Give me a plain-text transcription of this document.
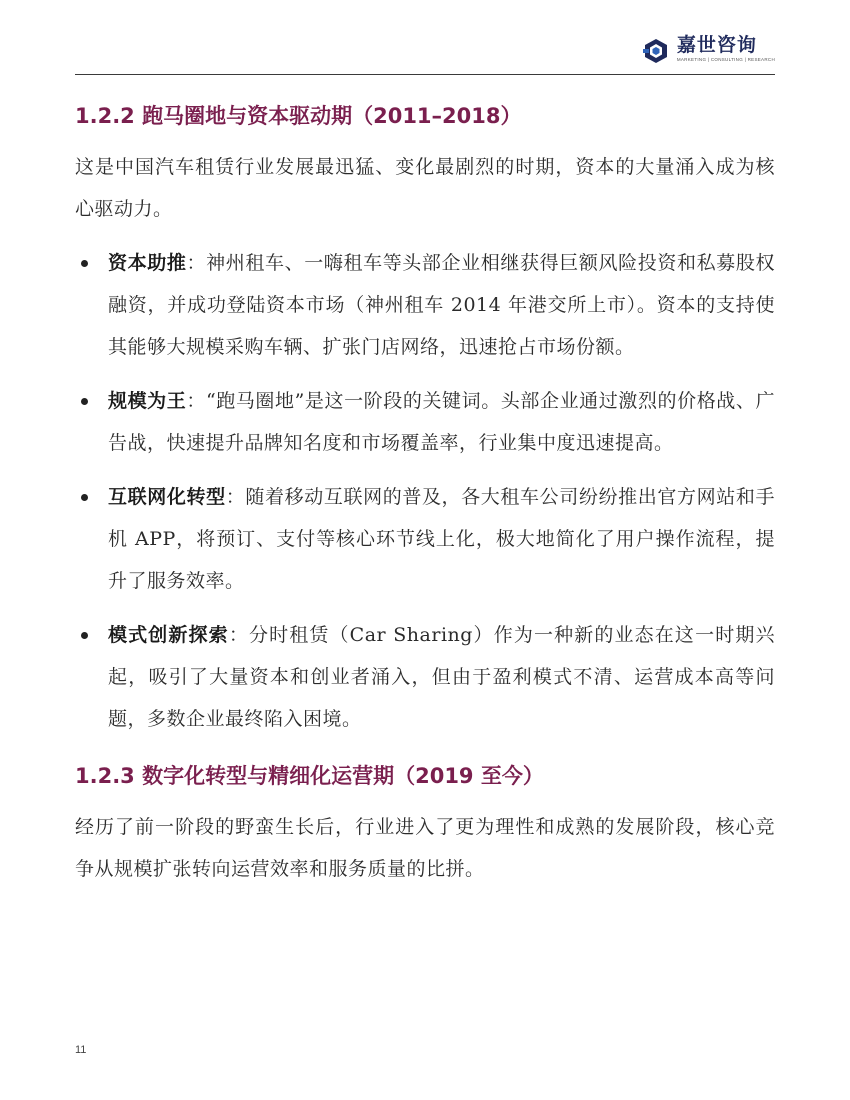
嘉世咨询
MARKETING | CONSULTING | RESEARCH
1.2.2 跑马圈地与资本驱动期（2011–2018）

这是中国汽车租赁行业发展最迅猛、变化最剧烈的时期，资本的大量涌入成为核心驱动力。

资本助推：神州租车、一嗨租车等头部企业相继获得巨额风险投资和私募股权融资，并成功登陆资本市场（神州租车 2014 年港交所上市）。资本的支持使其能够大规模采购车辆、扩张门店网络，迅速抢占市场份额。
规模为王：“跑马圈地”是这一阶段的关键词。头部企业通过激烈的价格战、广告战，快速提升品牌知名度和市场覆盖率，行业集中度迅速提高。
互联网化转型：随着移动互联网的普及，各大租车公司纷纷推出官方网站和手机 APP，将预订、支付等核心环节线上化，极大地简化了用户操作流程，提升了服务效率。
模式创新探索：分时租赁（Car Sharing）作为一种新的业态在这一时期兴起，吸引了大量资本和创业者涌入，但由于盈利模式不清、运营成本高等问题，多数企业最终陷入困境。
1.2.3 数字化转型与精细化运营期（2019 至今）

经历了前一阶段的野蛮生长后，行业进入了更为理性和成熟的发展阶段，核心竞争从规模扩张转向运营效率和服务质量的比拼。

11
